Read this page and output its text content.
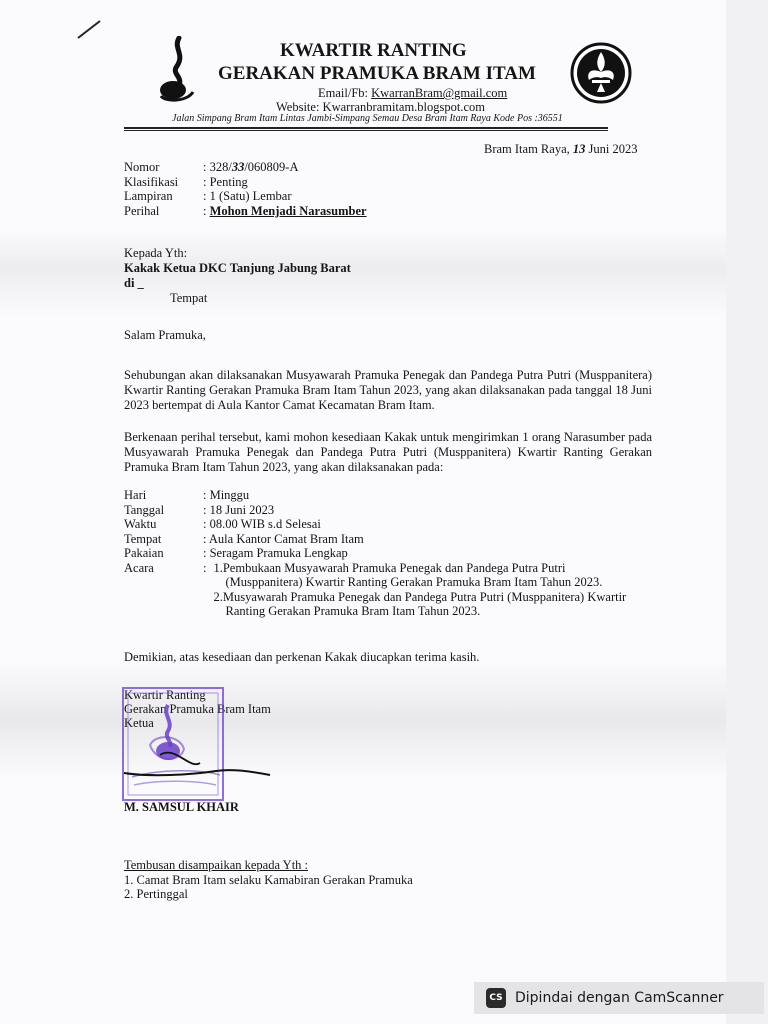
KWARTIR RANTING
GERAKAN PRAMUKA BRAM ITAM
Email/Fb: KwarranBram@gmail.com
Website: Kwarranbramitam.blogspot.com
Jalan Simpang Bram Itam Lintas Jambi-Simpang Semau Desa Bram Itam Raya Kode Pos :36551
Bram Itam Raya, 13 Juni 2023
Nomor	: 328/33/060809-A
Klasifikasi	: Penting
Lampiran	: 1 (Satu) Lembar
Perihal	: Mohon Menjadi Narasumber
Kepada Yth:
Kakak Ketua DKC Tanjung Jabung Barat
di _
Tempat
Salam Pramuka,
Sehubungan akan dilaksanakan Musyawarah Pramuka Penegak dan Pandega Putra Putri (Musppanitera) Kwartir Ranting Gerakan Pramuka Bram Itam Tahun 2023, yang akan dilaksanakan pada tanggal 18 Juni 2023 bertempat di Aula Kantor Camat Kecamatan Bram Itam.
Berkenaan perihal tersebut, kami mohon kesediaan Kakak untuk mengirimkan 1 orang Narasumber pada Musyawarah Pramuka Penegak dan Pandega Putra Putri (Musppanitera) Kwartir Ranting Gerakan Pramuka Bram Itam Tahun 2023, yang akan dilaksanakan pada:
Hari	: Minggu
Tanggal	: 18 Juni 2023
Waktu	: 08.00 WIB s.d Selesai
Tempat	: Aula Kantor Camat Bram Itam
Pakaian	: Seragam Pramuka Lengkap
Acara	: 1.Pembukaan Musyawarah Pramuka Penegak dan Pandega Putra Putri (Musppanitera) Kwartir Ranting Gerakan Pramuka Bram Itam Tahun 2023.
2.Musyawarah Pramuka Penegak dan Pandega Putra Putri (Musppanitera) Kwartir Ranting Gerakan Pramuka Bram Itam Tahun 2023.
Demikian, atas kesediaan dan perkenan Kakak diucapkan terima kasih.
Kwartir Ranting
Gerakan Pramuka Bram Itam
Ketua
M. SAMSUL KHAIR
Tembusan disampaikan kepada Yth :
1. Camat Bram Itam selaku Kamabiran Gerakan Pramuka
2. Pertinggal
CS Dipindai dengan CamScanner
